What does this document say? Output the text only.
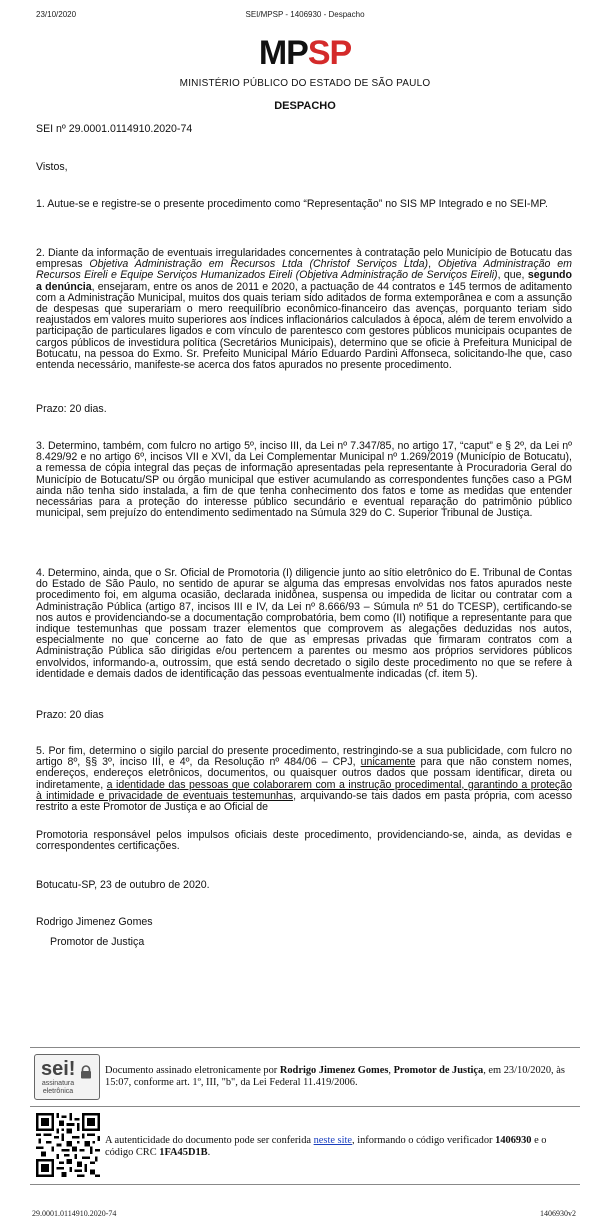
23/10/2020	SEI/MPSP - 1406930 - Despacho
MPSP
MINISTÉRIO PÚBLICO DO ESTADO DE SÃO PAULO
DESPACHO
SEI nº 29.0001.0114910.2020-74
Vistos,
1. Autue-se e registre-se o presente procedimento como “Representação” no SIS MP Integrado e no SEI-MP.
2. Diante da informação de eventuais irregularidades concernentes à contratação pelo Município de Botucatu das empresas Objetiva Administração em Recursos Ltda (Christof Serviços Ltda), Objetiva Administração em Recursos Eireli e Equipe Serviços Humanizados Eireli (Objetiva Administração de Serviços Eireli), que, segundo a denúncia, ensejaram, entre os anos de 2011 e 2020, a pactuação de 44 contratos e 145 termos de aditamento com a Administração Municipal, muitos dos quais teriam sido aditados de forma extemporânea e com a assunção de despesas que superariam o mero reequilíbrio econômico-financeiro das avenças, porquanto teriam sido reajustados em valores muito superiores aos índices inflacionários calculados à época, além de terem envolvido a participação de particulares ligados e com vínculo de parentesco com gestores públicos municipais ocupantes de cargos públicos de investidura política (Secretários Municipais), determino que se oficie à Prefeitura Municipal de Botucatu, na pessoa do Exmo. Sr. Prefeito Municipal Mário Eduardo Pardini Affonseca, solicitando-lhe que, caso entenda necessário, manifeste-se acerca dos fatos apurados no presente procedimento.
Prazo: 20 dias.
3. Determino, também, com fulcro no artigo 5º, inciso III, da Lei nº 7.347/85, no artigo 17, “caput” e § 2º, da Lei nº 8.429/92 e no artigo 6º, incisos VII e XVI, da Lei Complementar Municipal nº 1.269/2019 (Município de Botucatu), a remessa de cópia integral das peças de informação apresentadas pela representante à Procuradoria Geral do Município de Botucatu/SP ou órgão municipal que estiver acumulando as correspondentes funções caso a PGM ainda não tenha sido instalada, a fim de que tenha conhecimento dos fatos e tome as medidas que entender necessárias para a proteção do interesse público secundário e eventual reparação do patrimônio público municipal, sem prejuízo do entendimento sedimentado na Súmula 329 do C. Superior Tribunal de Justiça.
4. Determino, ainda, que o Sr. Oficial de Promotoria (I) diligencie junto ao sítio eletrônico do E. Tribunal de Contas do Estado de São Paulo, no sentido de apurar se alguma das empresas envolvidas nos fatos apurados neste procedimento foi, em alguma ocasião, declarada inidônea, suspensa ou impedida de licitar ou contratar com a Administração Pública (artigo 87, incisos III e IV, da Lei nº 8.666/93 – Súmula nº 51 do TCESP), certificando-se nos autos e providenciando-se a documentação comprobatória, bem como (II) notifique a representante para que indique testemunhas que possam trazer elementos que comprovem as alegações deduzidas nos autos, especialmente no que concerne ao fato de que as empresas privadas que firmaram contratos com a Administração Pública são dirigidas e/ou pertencem a parentes ou mesmo aos próprios servidores públicos envolvidos, informando-a, outrossim, que está sendo decretado o sigilo deste procedimento no que se refere à identidade e demais dados de identificação das pessoas eventualmente indicadas (cf. item 5).
Prazo: 20 dias
5. Por fim, determino o sigilo parcial do presente procedimento, restringindo-se a sua publicidade, com fulcro no artigo 8º, §§ 3º, inciso III, e 4º, da Resolução nº 484/06 – CPJ, unicamente para que não constem nomes, endereços, endereços eletrônicos, documentos, ou quaisquer outros dados que possam identificar, direta ou indiretamente, a identidade das pessoas que colaborarem com a instrução procedimental, garantindo a proteção à intimidade e privacidade de eventuais testemunhas, arquivando-se tais dados em pasta própria, com acesso restrito a este Promotor de Justiça e ao Oficial de
Promotoria responsável pelos impulsos oficiais deste procedimento, providenciando-se, ainda, as devidas e correspondentes certificações.
Botucatu-SP, 23 de outubro de 2020.
Rodrigo Jimenez Gomes
Promotor de Justiça
sei!
assinatura eletrônica
Documento assinado eletronicamente por Rodrigo Jimenez Gomes, Promotor de Justiça, em 23/10/2020, às 15:07, conforme art. 1º, III, "b", da Lei Federal 11.419/2006.
A autenticidade do documento pode ser conferida neste site, informando o código verificador 1406930 e o código CRC 1FA45D1B.
29.0001.0114910.2020-74	1406930v2
